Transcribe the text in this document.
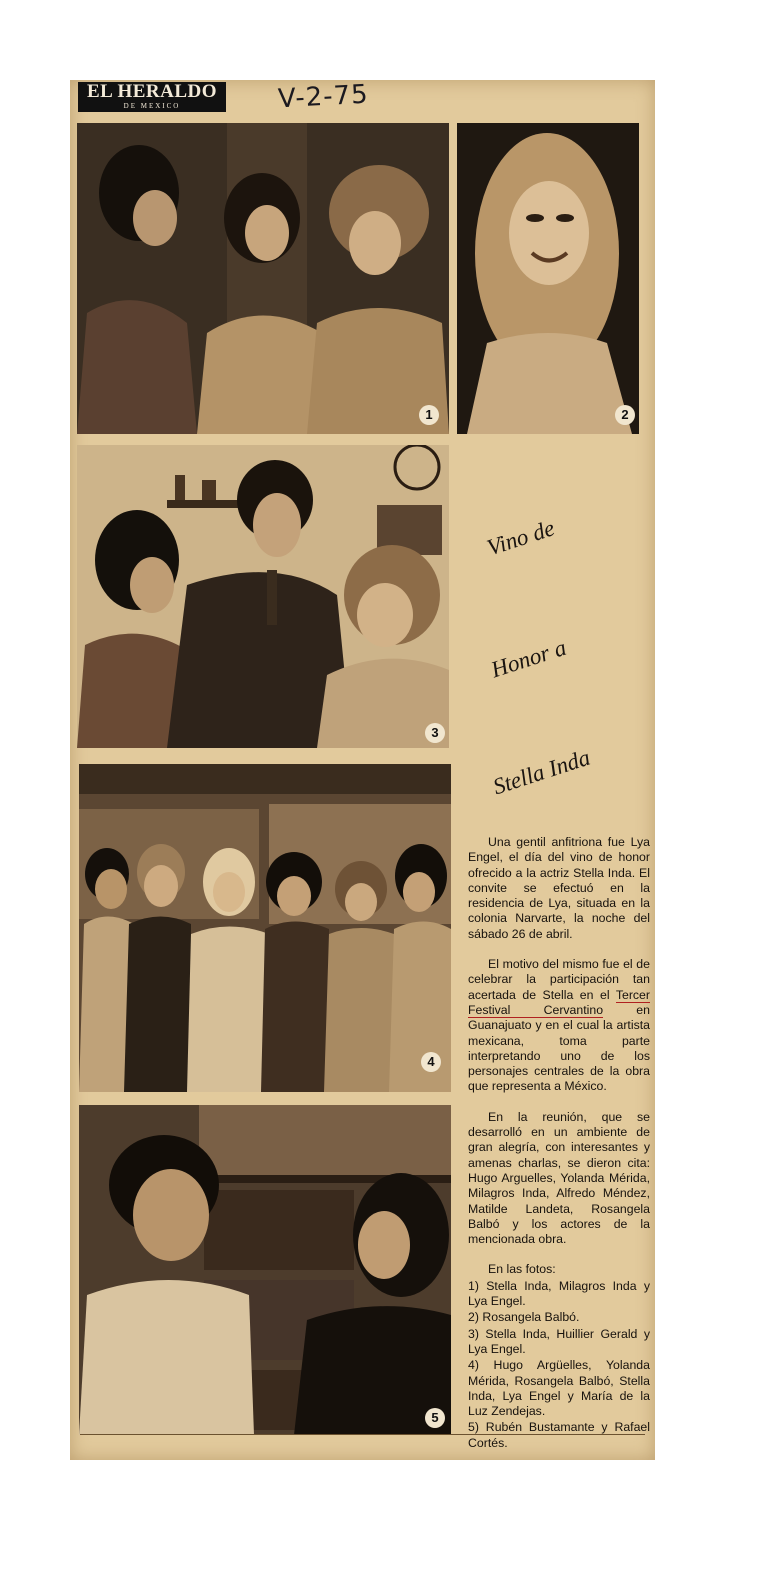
EL HERALDO
DE MEXICO	V-2-75
1	2
3
4
5
Vino de
Honor a
Stella Inda

Una gentil anfitriona fue Lya Engel, el día del vino de honor ofrecido a la actriz Stella Inda. El convite se efectuó en la residencia de Lya, situada en la colonia Narvarte, la noche del sábado 26 de abril.

El motivo del mismo fue el de celebrar la participación tan acertada de Stella en el Tercer Festival Cervantino en Guanajuato y en el cual la artista mexicana, toma parte interpretando uno de los personajes centrales de la obra que representa a México.

En la reunión, que se desarrolló en un ambiente de gran alegría, con interesantes y amenas charlas, se dieron cita: Hugo Arguelles, Yolanda Mérida, Milagros Inda, Alfredo Méndez, Matilde Landeta, Rosangela Balbó y los actores de la mencionada obra.

En las fotos:
1) Stella Inda, Milagros Inda y Lya Engel.
2) Rosangela Balbó.
3) Stella Inda, Huillier Gerald y Lya Engel.
4) Hugo Argüelles, Yolanda Mérida, Rosangela Balbó, Stella Inda, Lya Engel y María de la Luz Zendejas.
5) Rubén Bustamante y Rafael Cortés.
